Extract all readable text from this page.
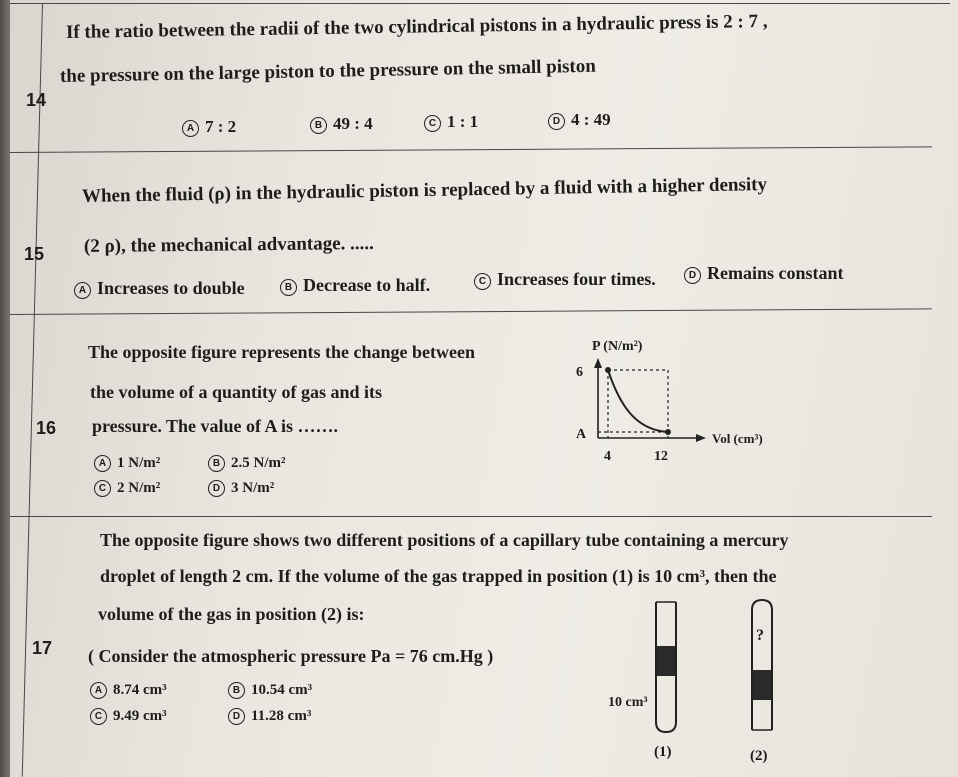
14
If the ratio between the radii of the two cylindrical pistons in a hydraulic press is 2 : 7 ,
the pressure on the large piston to the pressure on the small piston
A 7 : 2	B 49 : 4	C 1 : 1	D 4 : 49
15
When the fluid (ρ) in the hydraulic piston is replaced by a fluid with a higher density
(2 ρ), the mechanical advantage. .....
A Increases to double	B Decrease to half.	C Increases four times.	D Remains constant
16
The opposite figure represents the change between
the volume of a quantity of gas and its
pressure. The value of A is …….
A 1 N/m²	B 2.5 N/m²
C 2 N/m²	D 3 N/m²
P (N/m²)
Vol (cm³)
6
A
4	12
17
The opposite figure shows two different positions of a capillary tube containing a mercury
droplet of length 2 cm. If the volume of the gas trapped in position (1) is 10 cm³, then the
volume of the gas in position (2) is:
( Consider the atmospheric pressure Pa = 76 cm.Hg )
A 8.74 cm³	B 10.54 cm³
C 9.49 cm³	D 11.28 cm³
10 cm³
(1)
?
(2)
